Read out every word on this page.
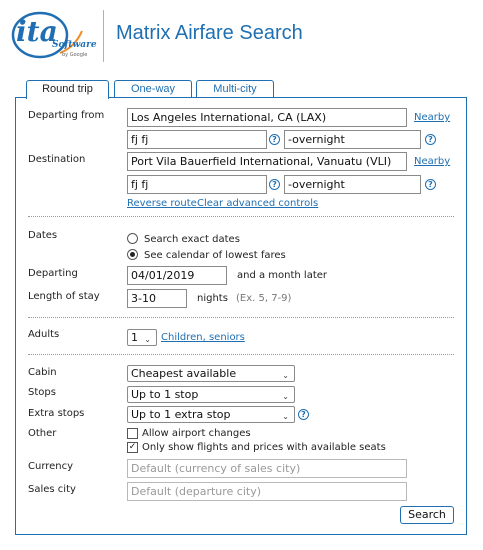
ita
Software
by Google
Matrix Airfare Search
Round trip	One-way	Multi-city
Departing from	Los Angeles International, CA (LAX)	Nearby
fj fj	?	-overnight	?
Destination	Port Vila Bauerfield International, Vanuatu (VLI)	Nearby
fj fj	?	-overnight	?
Reverse route Clear advanced controls
Dates	Search exact dates
See calendar of lowest fares
Departing	04/01/2019	and a month later
Length of stay	3-10	nights (Ex. 5, 7-9)
Adults	1 ⌄ Children, seniors
Cabin	Cheapest available	⌄
Stops	Up to 1 stop	⌄
Extra stops	Up to 1 extra stop	⌄	?
Other	Allow airport changes
✓ Only show flights and prices with available seats
Currency	Default (currency of sales city)
Sales city	Default (departure city)
Search
